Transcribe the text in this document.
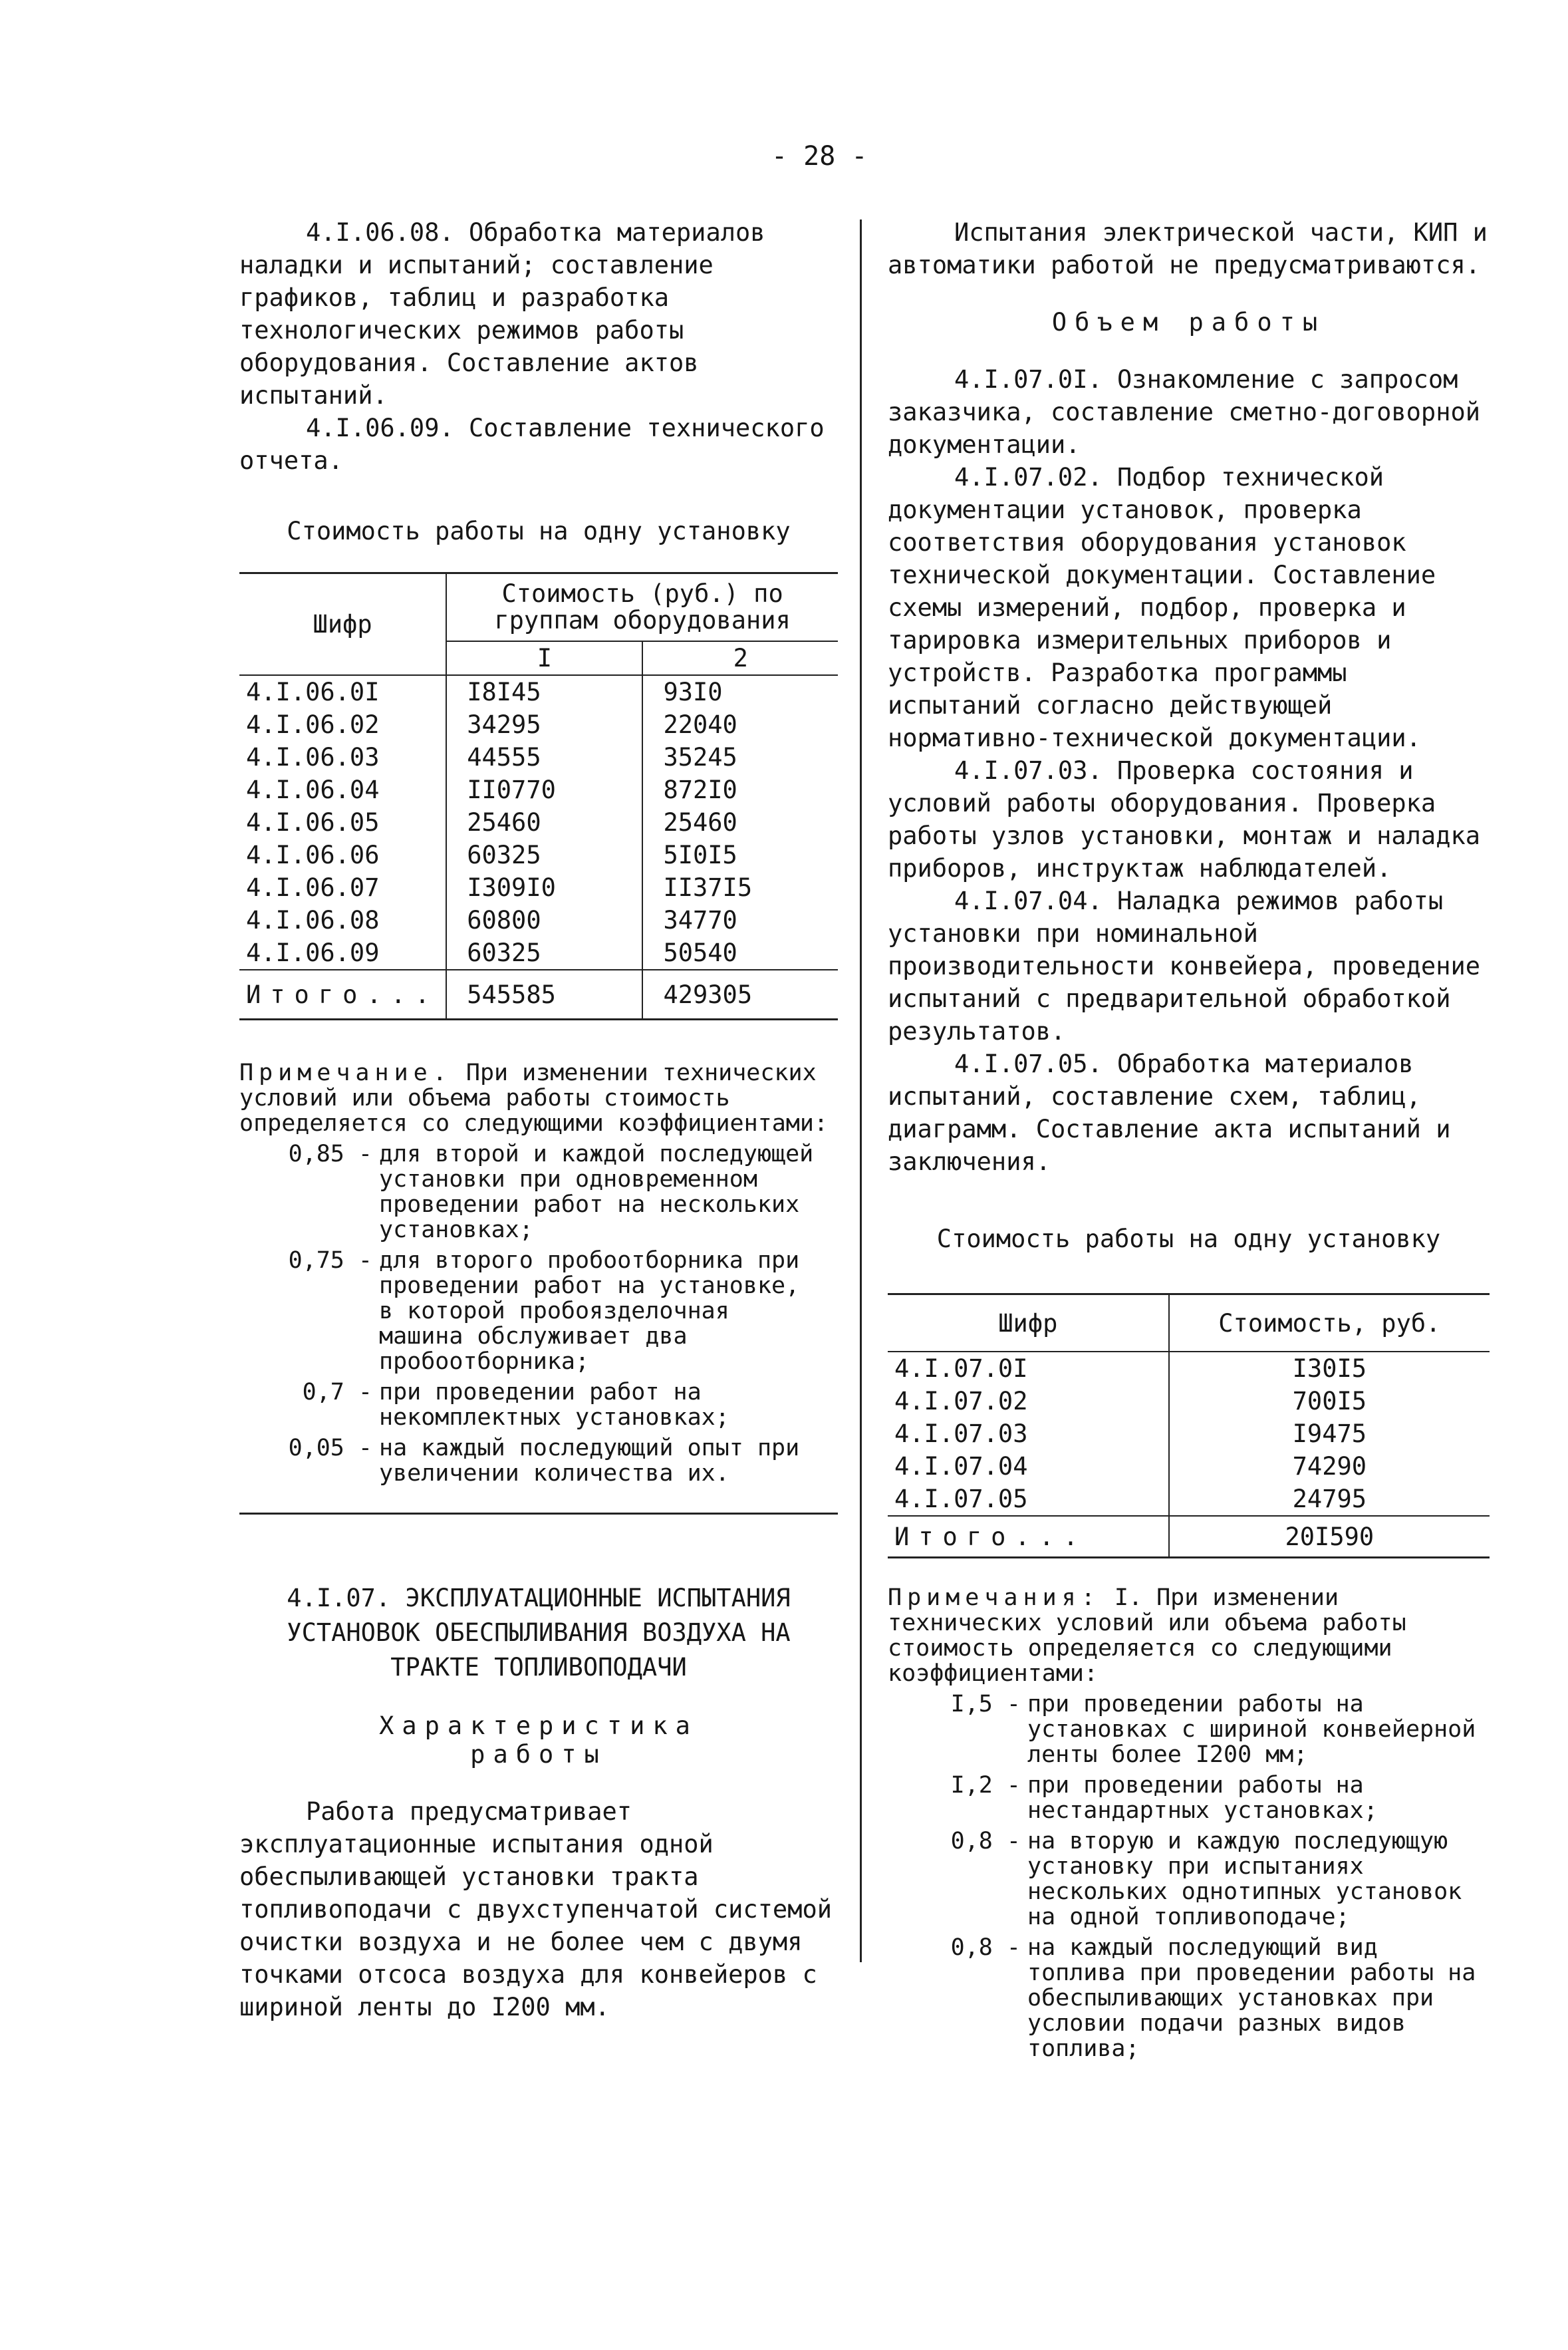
- 28 -

4.I.06.08. Обработка материалов наладки и испытаний; составление графиков, таблиц и разработка технологических режимов работы оборудования. Составление актов испытаний.

4.I.06.09. Составление технического отчета.

Стоимость работы на одну установку
Шифр	Стоимость (руб.) по группам оборудования	
	I	2
4.I.06.0I	I8I45	93I0
4.I.06.02	34295	22040
4.I.06.03	44555	35245
4.I.06.04	II0770	872I0
4.I.06.05	25460	25460
4.I.06.06	60325	5I0I5
4.I.06.07	I309I0	II37I5
4.I.06.08	60800	34770
4.I.06.09	60325	50540
Итого...	545585	429305
Примечание. При изменении технических условий или объема работы стоимость определяется со следующими коэффициентами:
0,85 - для второй и каждой последующей установки при одновременном проведении работ на нескольких установках;
0,75 - для второго пробоотборника при проведении работ на установке, в которой пробоязделочная машина обслуживает два пробоотборника;
0,7 - при проведении работ на некомплектных установках;
0,05 - на каждый последующий опыт при увеличении количества их.
4.I.07. ЭКСПЛУАТАЦИОННЫЕ ИСПЫТАНИЯ УСТАНОВОК ОБЕСПЫЛИВАНИЯ ВОЗДУХА НА ТРАКТЕ ТОПЛИВОПОДАЧИ
Характеристика
работы

Работа предусматривает эксплуатационные испытания одной обеспыливающей установки тракта топливоподачи с двухступенчатой системой очистки воздуха и не более чем с двумя точками отсоса воздуха для конвейеров с шириной ленты до I200 мм.

Испытания электрической части, КИП и автоматики работой не предусматриваются.

Объем работы

4.I.07.0I. Ознакомление с запросом заказчика, составление сметно-договорной документации.

4.I.07.02. Подбор технической документации установок, проверка соответствия оборудования установок технической документации. Составление схемы измерений, подбор, проверка и тарировка измерительных приборов и устройств. Разработка программы испытаний согласно действующей нормативно-технической документации.

4.I.07.03. Проверка состояния и условий работы оборудования. Проверка работы узлов установки, монтаж и наладка приборов, инструктаж наблюдателей.

4.I.07.04. Наладка режимов работы установки при номинальной производительности конвейера, проведение испытаний с предварительной обработкой результатов.

4.I.07.05. Обработка материалов испытаний, составление схем, таблиц, диаграмм. Составление акта испытаний и заключения.

Стоимость работы на одну установку
Шифр	Стоимость, руб.
4.I.07.0I	I30I5
4.I.07.02	700I5
4.I.07.03	I9475
4.I.07.04	74290
4.I.07.05	24795
Итого...	20I590
Примечания: I. При изменении технических условий или объема работы стоимость определяется со следующими коэффициентами:
I,5 - при проведении работы на установках с шириной конвейерной ленты более I200 мм;
I,2 - при проведении работы на нестандартных установках;
0,8 - на вторую и каждую последующую установку при испытаниях нескольких однотипных установок на одной топливоподаче;
0,8 - на каждый последующий вид топлива при проведении работы на обеспыливающих установках при условии подачи разных видов топлива;
